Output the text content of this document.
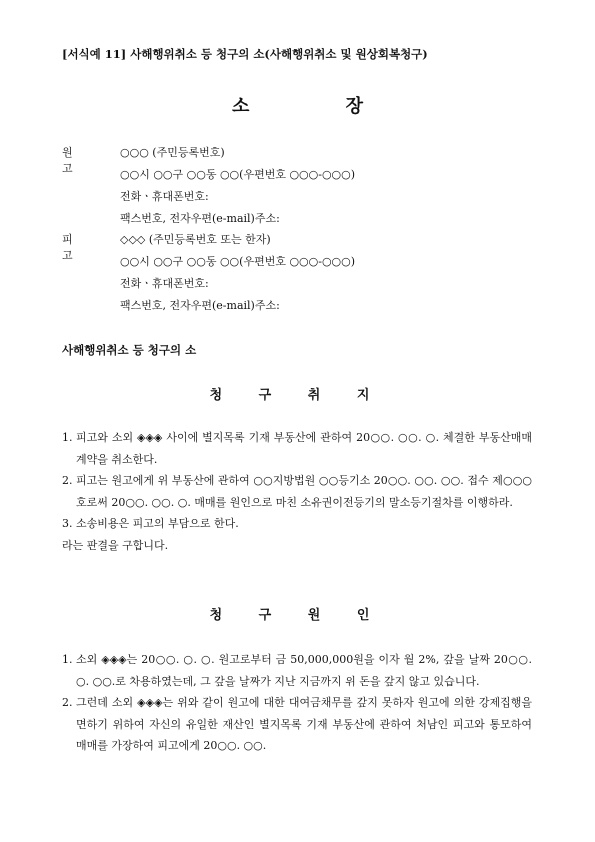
[서식예 11] 사해행위취소 등 청구의 소(사해행위취소 및 원상회복청구)
소 장
원 고
○○○ (주민등록번호)
○○시 ○○구 ○○동 ○○(우편번호 ○○○-○○○)
전화ㆍ휴대폰번호:
팩스번호, 전자우편(e-mail)주소:
피 고
◇◇◇ (주민등록번호 또는 한자)
○○시 ○○구 ○○동 ○○(우편번호 ○○○-○○○)
전화ㆍ휴대폰번호:
팩스번호, 전자우편(e-mail)주소:
사해행위취소 등 청구의 소
청 구 취 지
1. 피고와 소외 ◈◈◈ 사이에 별지목록 기재 부동산에 관하여 20○○. ○○. ○. 체결한 부동산매매계약을 취소한다.
2. 피고는 원고에게 위 부동산에 관하여 ○○지방법원 ○○등기소 20○○. ○○. ○○. 접수 제○○○호로써 20○○. ○○. ○. 매매를 원인으로 마친 소유권이전등기의 말소등기절차를 이행하라.
3. 소송비용은 피고의 부담으로 한다.
라는 판결을 구합니다.
청 구 원 인
1. 소외 ◈◈◈는 20○○. ○. ○. 원고로부터 금 50,000,000원을 이자 월 2%, 갚을 날짜 20○○. ○. ○○.로 차용하였는데, 그 갚을 날짜가 지난 지금까지 위 돈을 갚지 않고 있습니다.
2. 그런데 소외 ◈◈◈는 위와 같이 원고에 대한 대여금채무를 갚지 못하자 원고에 의한 강제집행을 면하기 위하여 자신의 유일한 재산인 별지목록 기재 부동산에 관하여 처남인 피고와 통모하여 매매를 가장하여 피고에게 20○○. ○○.
